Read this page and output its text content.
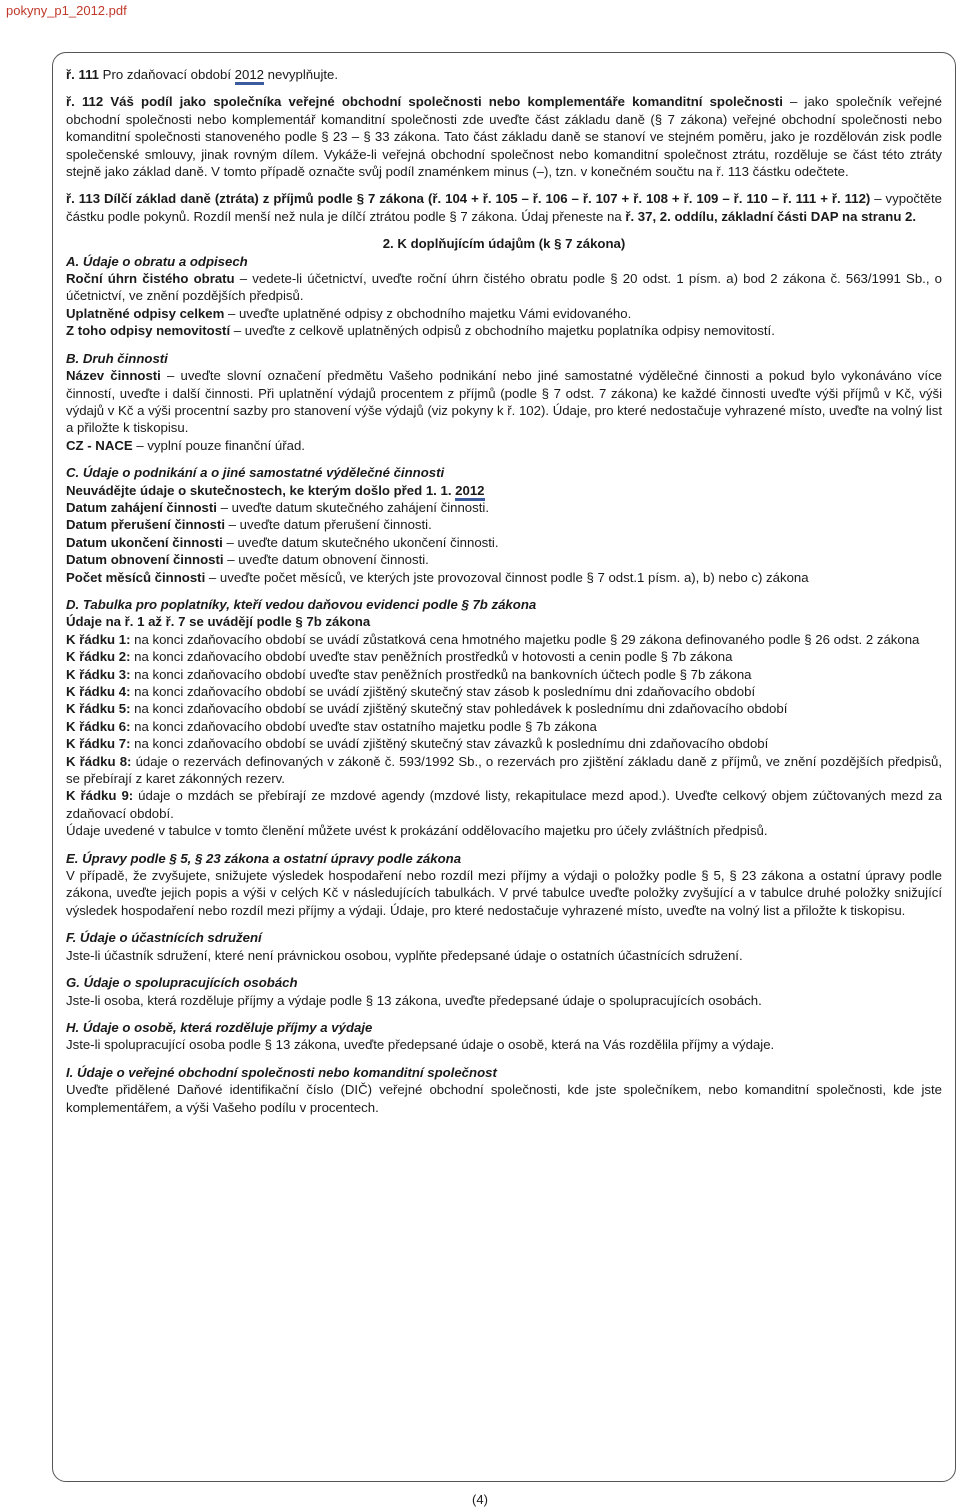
pokyny_p1_2012.pdf

ř. 111 Pro zdaňovací období 2012 nevyplňujte.

ř. 112 Váš podíl jako společníka veřejné obchodní společnosti nebo komplementáře komanditní společnosti – jako společník veřejné obchodní společnosti nebo komplementář komanditní společnosti zde uveďte část základu daně (§ 7 zákona) veřejné obchodní společnosti nebo komanditní společnosti stanoveného podle § 23 – § 33 zákona. Tato část základu daně se stanoví ve stejném poměru, jako je rozdělován zisk podle společenské smlouvy, jinak rovným dílem. Vykáže-li veřejná obchodní společnost nebo komanditní společnost ztrátu, rozděluje se část této ztráty stejně jako základ daně. V tomto případě označte svůj podíl znaménkem minus (–), tzn. v konečném součtu na ř. 113 částku odečtete.

ř. 113 Dílčí základ daně (ztráta) z příjmů podle § 7 zákona (ř. 104 + ř. 105 – ř. 106 – ř. 107 + ř. 108 + ř. 109 – ř. 110 – ř. 111 + ř. 112) – vypočtěte částku podle pokynů. Rozdíl menší než nula je dílčí ztrátou podle § 7 zákona. Údaj přeneste na ř. 37, 2. oddílu, základní části DAP na stranu 2.

2. K doplňujícím údajům (k § 7 zákona)

A. Údaje o obratu a odpisech

Roční úhrn čistého obratu – vedete-li účetnictví, uveďte roční úhrn čistého obratu podle § 20 odst. 1 písm. a) bod 2 zákona č. 563/1991 Sb., o účetnictví, ve znění pozdějších předpisů.

Uplatněné odpisy celkem – uveďte uplatněné odpisy z obchodního majetku Vámi evidovaného.

Z toho odpisy nemovitostí – uveďte z celkově uplatněných odpisů z obchodního majetku poplatníka odpisy nemovitostí.

B. Druh činnosti

Název činnosti – uveďte slovní označení předmětu Vašeho podnikání nebo jiné samostatné výdělečné činnosti a pokud bylo vykonáváno více činností, uveďte i další činnosti. Při uplatnění výdajů procentem z příjmů (podle § 7 odst. 7 zákona) ke každé činnosti uveďte výši příjmů v Kč, výši výdajů v Kč a výši procentní sazby pro stanovení výše výdajů (viz pokyny k ř. 102). Údaje, pro které nedostačuje vyhrazené místo, uveďte na volný list a přiložte k tiskopisu.

CZ - NACE – vyplní pouze finanční úřad.

C. Údaje o podnikání a o jiné samostatné výdělečné činnosti

Neuvádějte údaje o skutečnostech, ke kterým došlo před 1. 1. 2012

Datum zahájení činnosti – uveďte datum skutečného zahájení činnosti.

Datum přerušení činnosti – uveďte datum přerušení činnosti.

Datum ukončení činnosti – uveďte datum skutečného ukončení činnosti.

Datum obnovení činnosti – uveďte datum obnovení činnosti.

Počet měsíců činnosti – uveďte počet měsíců, ve kterých jste provozoval činnost podle § 7 odst.1 písm. a), b) nebo c) zákona

D. Tabulka pro poplatníky, kteří vedou daňovou evidenci podle § 7b zákona

Údaje na ř. 1 až ř. 7 se uvádějí podle § 7b zákona

K řádku 1: na konci zdaňovacího období se uvádí zůstatková cena hmotného majetku podle § 29 zákona definovaného podle § 26 odst. 2 zákona

K řádku 2: na konci zdaňovacího období uveďte stav peněžních prostředků v hotovosti a cenin podle § 7b zákona

K řádku 3: na konci zdaňovacího období uveďte stav peněžních prostředků na bankovních účtech podle § 7b zákona

K řádku 4: na konci zdaňovacího období se uvádí zjištěný skutečný stav zásob k poslednímu dni zdaňovacího období

K řádku 5: na konci zdaňovacího období se uvádí zjištěný skutečný stav pohledávek k poslednímu dni zdaňovacího období

K řádku 6: na konci zdaňovacího období uveďte stav ostatního majetku podle § 7b zákona

K řádku 7: na konci zdaňovacího období se uvádí zjištěný skutečný stav závazků k poslednímu dni zdaňovacího období

K řádku 8: údaje o rezervách definovaných v zákoně č. 593/1992 Sb., o rezervách pro zjištění základu daně z příjmů, ve znění pozdějších předpisů, se přebírají z karet zákonných rezerv.

K řádku 9: údaje o mzdách se přebírají ze mzdové agendy (mzdové listy, rekapitulace mezd apod.). Uveďte celkový objem zúčtovaných mezd za zdaňovací období.

Údaje uvedené v tabulce v tomto členění můžete uvést k prokázání oddělovacího majetku pro účely zvláštních předpisů.

E. Úpravy podle § 5, § 23 zákona a ostatní úpravy podle zákona

V případě, že zvyšujete, snižujete výsledek hospodaření nebo rozdíl mezi příjmy a výdaji o položky podle § 5, § 23 zákona a ostatní úpravy podle zákona, uveďte jejich popis a výši v celých Kč v následujících tabulkách. V prvé tabulce uveďte položky zvyšující a v tabulce druhé položky snižující výsledek hospodaření nebo rozdíl mezi příjmy a výdaji. Údaje, pro které nedostačuje vyhrazené místo, uveďte na volný list a přiložte k tiskopisu.

F. Údaje o účastnících sdružení

Jste-li účastník sdružení, které není právnickou osobou, vyplňte předepsané údaje o ostatních účastnících sdružení.

G. Údaje o spolupracujících osobách

Jste-li osoba, která rozděluje příjmy a výdaje podle § 13 zákona, uveďte předepsané údaje o spolupracujících osobách.

H. Údaje o osobě, která rozděluje příjmy a výdaje

Jste-li spolupracující osoba podle § 13 zákona, uveďte předepsané údaje o osobě, která na Vás rozdělila příjmy a výdaje.

I. Údaje o veřejné obchodní společnosti nebo komanditní společnost

Uveďte přidělené Daňové identifikační číslo (DIČ) veřejné obchodní společnosti, kde jste společníkem, nebo komanditní společnosti, kde jste komplementářem, a výši Vašeho podílu v procentech.

(4)
